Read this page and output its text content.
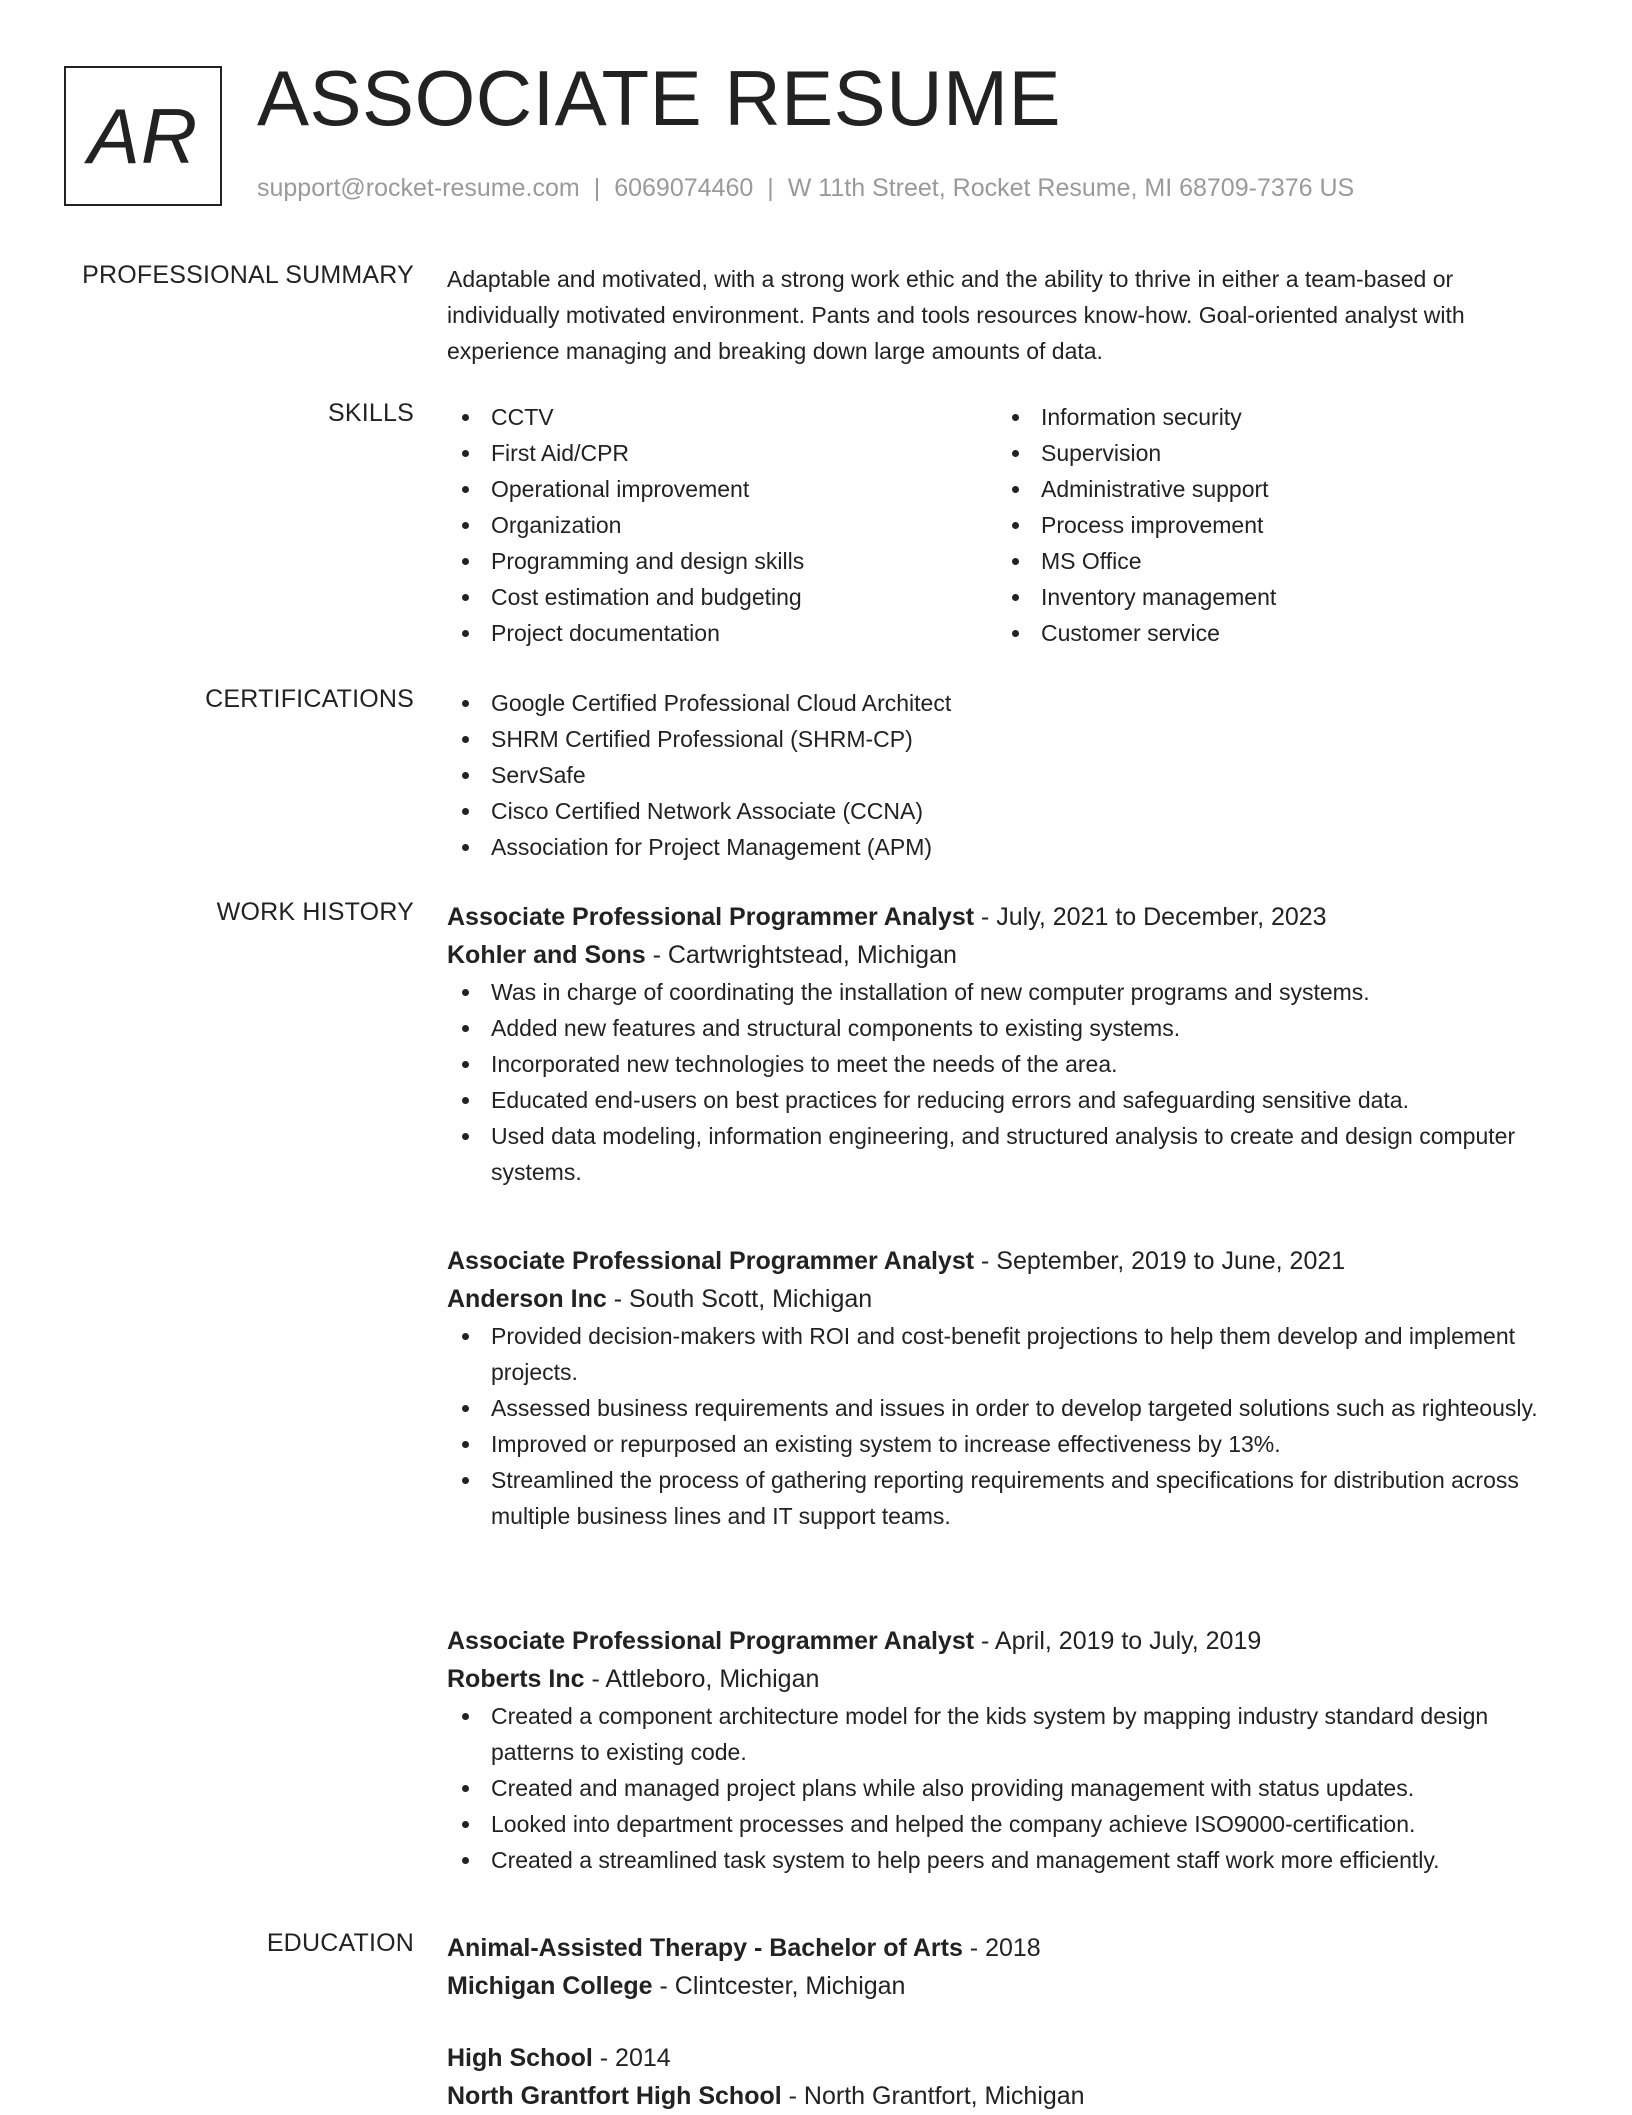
AR ASSOCIATE RESUME
support@rocket-resume.com | 6069074460 | W 11th Street, Rocket Resume, MI 68709-7376 US
PROFESSIONAL SUMMARY Adaptable and motivated, with a strong work ethic and the ability to thrive in either a team-based or individually motivated environment. Pants and tools resources know-how. Goal-oriented analyst with experience managing and breaking down large amounts of data.

SKILLS	CCTV
First Aid/CPR
Operational improvement
Organization
Programming and design skills
Cost estimation and budgeting
Project documentation
Information security
Supervision
Administrative support
Process improvement
MS Office
Inventory management
Customer service
CERTIFICATIONS	Google Certified Professional Cloud Architect
SHRM Certified Professional (SHRM-CP)
ServSafe
Cisco Certified Network Associate (CCNA)
Association for Project Management (APM)
WORK HISTORY Associate Professional Programmer Analyst - July, 2021 to December, 2023
Kohler and Sons - Cartwrightstead, Michigan
Was in charge of coordinating the installation of new computer programs and systems.
Added new features and structural components to existing systems.
Incorporated new technologies to meet the needs of the area.
Educated end-users on best practices for reducing errors and safeguarding sensitive data.
Used data modeling, information engineering, and structured analysis to create and design computer systems.
Associate Professional Programmer Analyst - September, 2019 to June, 2021
Anderson Inc - South Scott, Michigan
Provided decision-makers with ROI and cost-benefit projections to help them develop and implement projects.
Assessed business requirements and issues in order to develop targeted solutions such as righteously.
Improved or repurposed an existing system to increase effectiveness by 13%.
Streamlined the process of gathering reporting requirements and specifications for distribution across multiple business lines and IT support teams.
Associate Professional Programmer Analyst - April, 2019 to July, 2019
Roberts Inc - Attleboro, Michigan
Created a component architecture model for the kids system by mapping industry standard design patterns to existing code.
Created and managed project plans while also providing management with status updates.
Looked into department processes and helped the company achieve ISO9000-certification.
Created a streamlined task system to help peers and management staff work more efficiently.
EDUCATION Animal-Assisted Therapy - Bachelor of Arts - 2018
Michigan College - Clintcester, Michigan
High School - 2014
North Grantfort High School - North Grantfort, Michigan
